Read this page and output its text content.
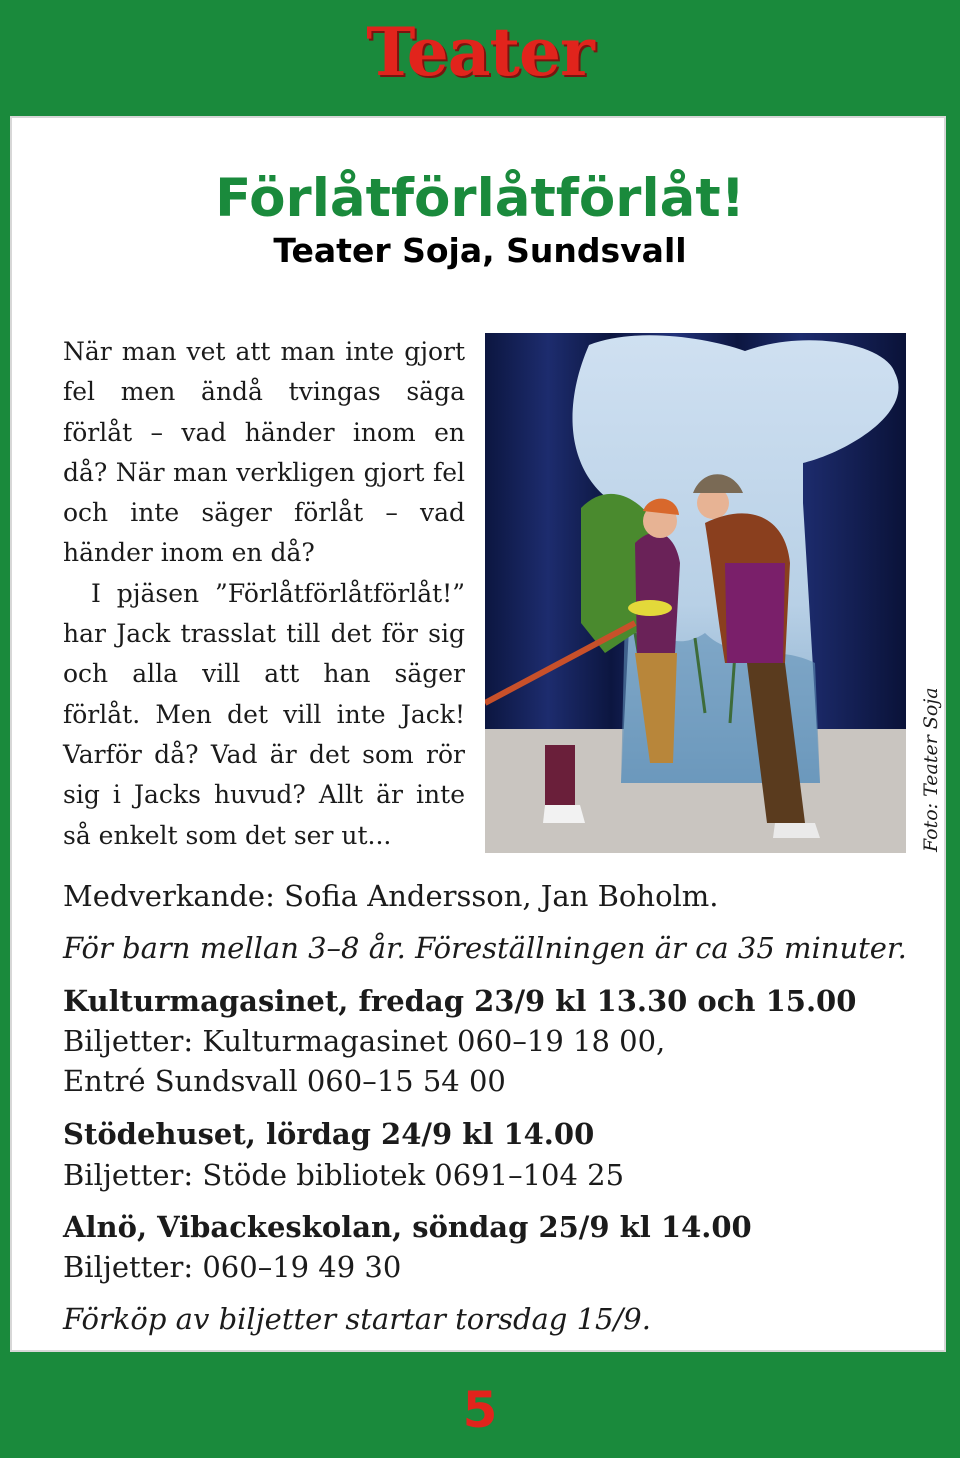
Teater
Förlåtförlåtförlåt!
Teater Soja, Sundsvall

När man vet att man inte gjort fel men ändå tvingas säga förlåt – vad händer inom en då? När man verkligen gjort fel och inte säger förlåt – vad händer inom en då?

I pjäsen ”Förlåtförlåtförlåt!” har Jack trasslat till det för sig och alla vill att han säger förlåt. Men det vill inte Jack! Varför då? Vad är det som rör sig i Jacks huvud? Allt är inte så enkelt som det ser ut...	Foto: Teater Soja
Medverkande: Sofia Andersson, Jan Boholm.
För barn mellan 3–8 år. Föreställningen är ca 35 minuter.
Kulturmagasinet, fredag 23/9 kl 13.30 och 15.00
Biljetter: Kulturmagasinet 060–19 18 00,
Entré Sundsvall 060–15 54 00
Stödehuset, lördag 24/9 kl 14.00
Biljetter: Stöde bibliotek 0691–104 25
Alnö, Vibackeskolan, söndag 25/9 kl 14.00
Biljetter: 060–19 49 30
Förköp av biljetter startar torsdag 15/9.
5
